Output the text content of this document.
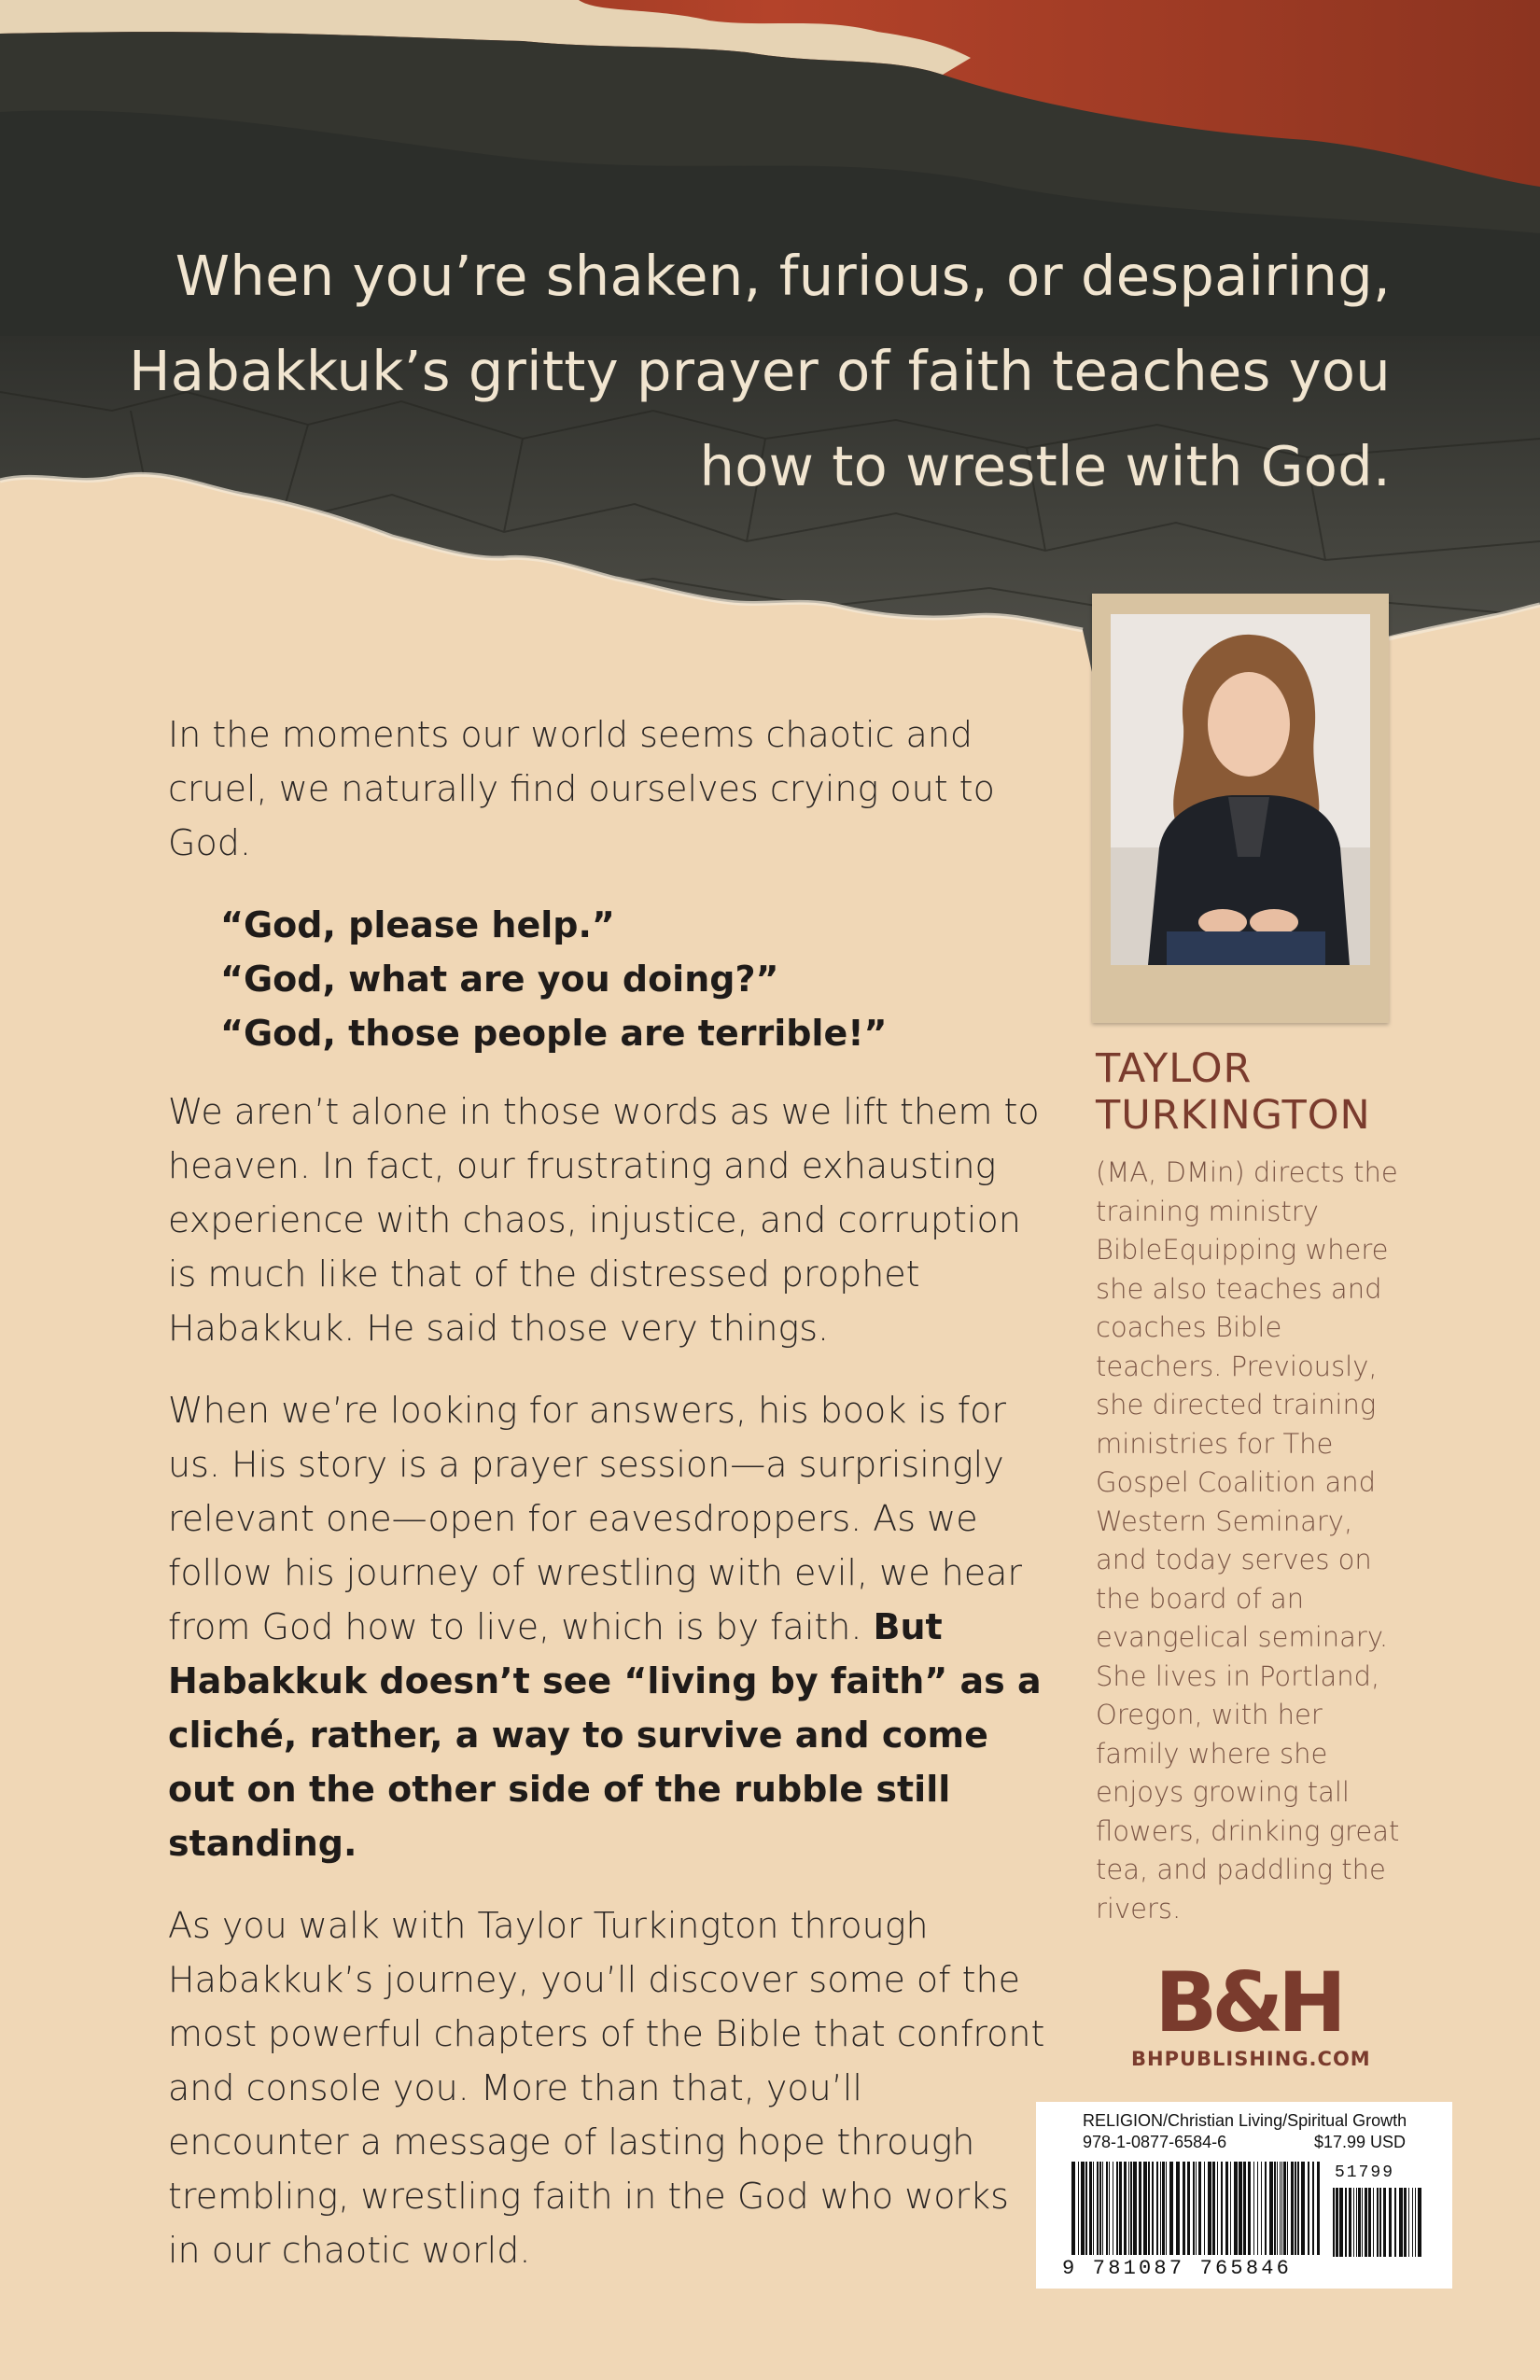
When you’re shaken, furious, or despairing,
Habakkuk’s gritty prayer of faith teaches you
how to wrestle with God.

In the moments our world seems chaotic and cruel, we naturally find ourselves crying out to God.

“God, please help.”
“God, what are you doing?”
“God, those people are terrible!”

We aren’t alone in those words as we lift them to heaven. In fact, our frustrating and exhausting experience with chaos, injustice, and corruption is much like that of the distressed prophet Habakkuk. He said those very things.

When we’re looking for answers, his book is for us. His story is a prayer session—a surprisingly relevant one—open for eavesdroppers. As we follow his journey of wrestling with evil, we hear from God how to live, which is by faith. But Habakkuk doesn’t see “living by faith” as a cliché, rather, a way to survive and come out on the other side of the rubble still standing.

As you walk with Taylor Turkington through Habakkuk’s journey, you’ll discover some of the most powerful chapters of the Bible that confront and console you. More than that, you’ll encounter a message of lasting hope through trembling, wrestling faith in the God who works in our chaotic world.

TAYLOR
TURKINGTON
(MA, DMin) directs the training ministry BibleEquipping where she also teaches and coaches Bible teachers. Previously, she directed training ministries for The Gospel Coalition and Western Seminary, and today serves on the board of an evangelical seminary. She lives in Portland, Oregon, with her family where she enjoys growing tall flowers, drinking great tea, and paddling the rivers.
B&H
BHPUBLISHING.COM
RELIGION/Christian Living/Spiritual Growth
978-1-0877-6584-6	$17.99 USD
9 781087 765846
51799
